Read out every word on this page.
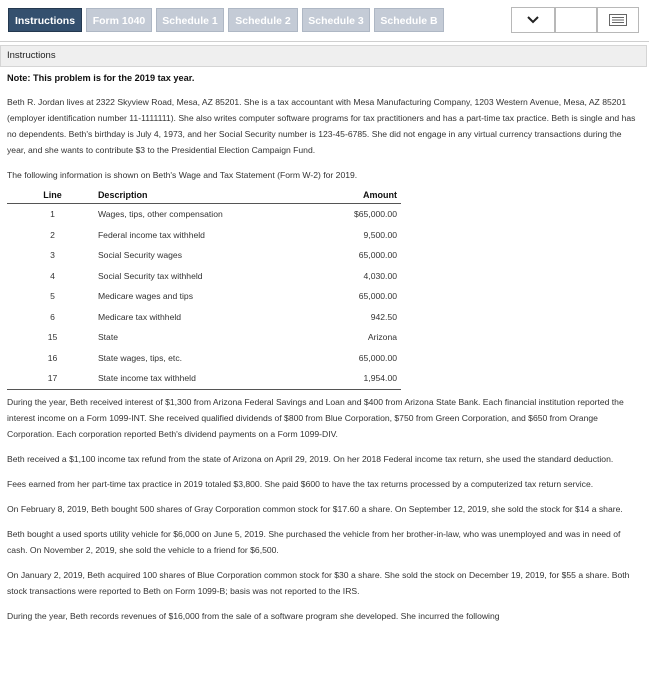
Instructions	Form 1040	Schedule 1	Schedule 2	Schedule 3	Schedule B
Instructions

Note: This problem is for the 2019 tax year.

Beth R. Jordan lives at 2322 Skyview Road, Mesa, AZ 85201. She is a tax accountant with Mesa Manufacturing Company, 1203 Western Avenue, Mesa, AZ 85201 (employer identification number 11-1111111). She also writes computer software programs for tax practitioners and has a part-time tax practice. Beth is single and has no dependents. Beth's birthday is July 4, 1973, and her Social Security number is 123-45-6785. She did not engage in any virtual currency transactions during the year, and she wants to contribute $3 to the Presidential Election Campaign Fund.

The following information is shown on Beth's Wage and Tax Statement (Form W-2) for 2019.

Line	Description	Amount
1	Wages, tips, other compensation	$65,000.00
2	Federal income tax withheld	9,500.00
3	Social Security wages	65,000.00
4	Social Security tax withheld	4,030.00
5	Medicare wages and tips	65,000.00
6	Medicare tax withheld	942.50
15	State	Arizona
16	State wages, tips, etc.	65,000.00
17	State income tax withheld	1,954.00

During the year, Beth received interest of $1,300 from Arizona Federal Savings and Loan and $400 from Arizona State Bank. Each financial institution reported the interest income on a Form 1099-INT. She received qualified dividends of $800 from Blue Corporation, $750 from Green Corporation, and $650 from Orange Corporation. Each corporation reported Beth's dividend payments on a Form 1099-DIV.

Beth received a $1,100 income tax refund from the state of Arizona on April 29, 2019. On her 2018 Federal income tax return, she used the standard deduction.

Fees earned from her part-time tax practice in 2019 totaled $3,800. She paid $600 to have the tax returns processed by a computerized tax return service.

On February 8, 2019, Beth bought 500 shares of Gray Corporation common stock for $17.60 a share. On September 12, 2019, she sold the stock for $14 a share.

Beth bought a used sports utility vehicle for $6,000 on June 5, 2019. She purchased the vehicle from her brother-in-law, who was unemployed and was in need of cash. On November 2, 2019, she sold the vehicle to a friend for $6,500.

On January 2, 2019, Beth acquired 100 shares of Blue Corporation common stock for $30 a share. She sold the stock on December 19, 2019, for $55 a share. Both stock transactions were reported to Beth on Form 1099-B; basis was not reported to the IRS.

During the year, Beth records revenues of $16,000 from the sale of a software program she developed. She incurred the following
